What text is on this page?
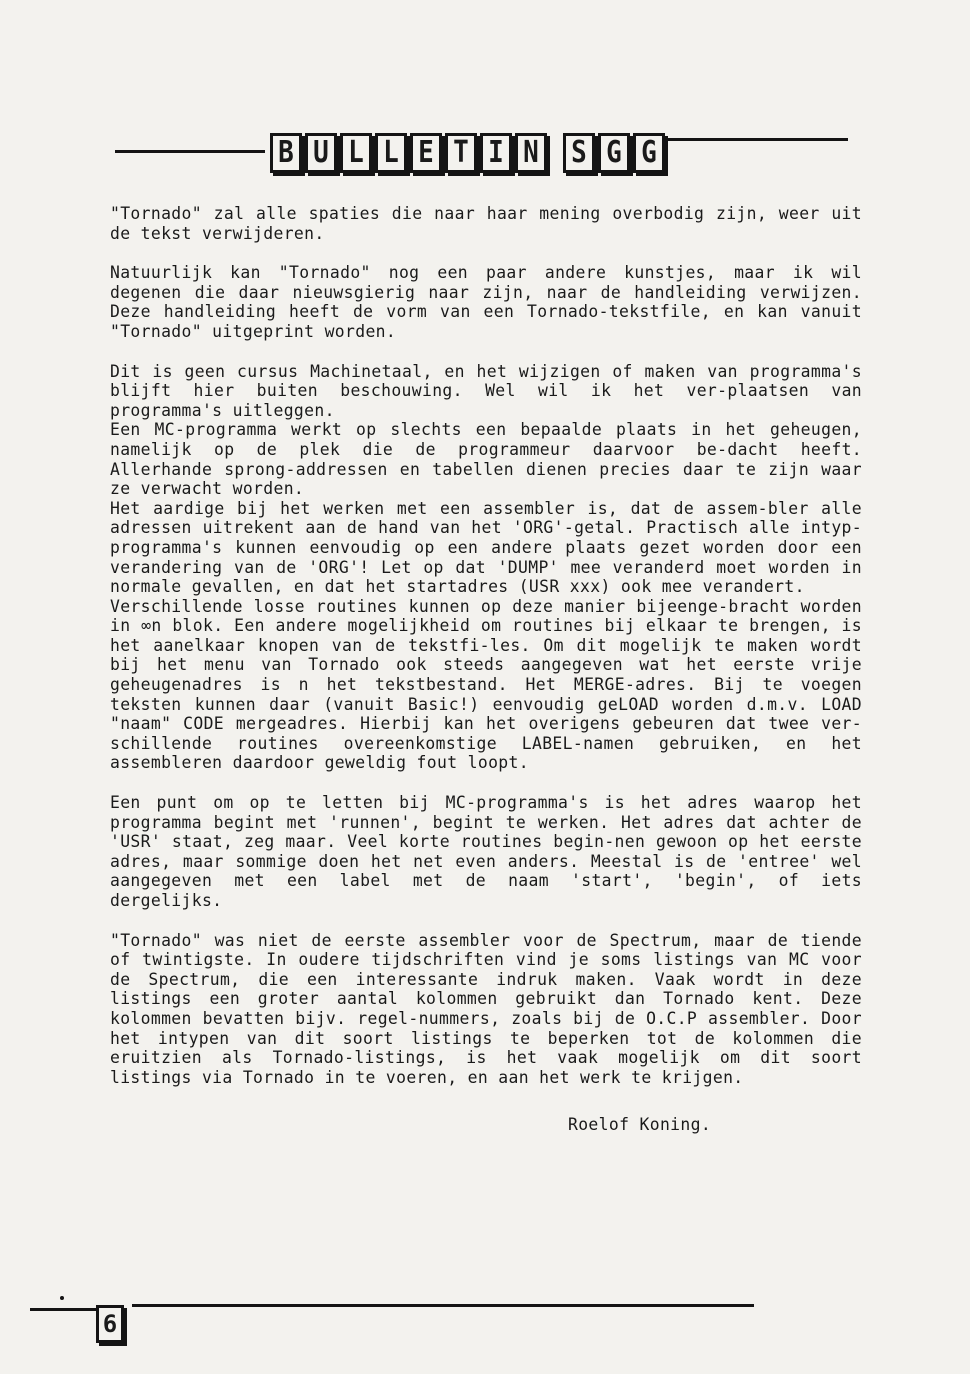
B U L L E T I N S G G

"Tornado" zal alle spaties die naar haar mening overbodig zijn, weer uit de tekst verwijderen.

Natuurlijk kan "Tornado" nog een paar andere kunstjes, maar ik wil degenen die daar nieuwsgierig naar zijn, naar de handleiding verwijzen. Deze handleiding heeft de vorm van een Tornado-tekstfile, en kan vanuit "Tornado" uitgeprint worden.

Dit is geen cursus Machinetaal, en het wijzigen of maken van programma's blijft hier buiten beschouwing. Wel wil ik het ver-plaatsen van programma's uitleggen.

Een MC-programma werkt op slechts een bepaalde plaats in het geheugen, namelijk op de plek die de programmeur daarvoor be-dacht heeft. Allerhande sprong-addressen en tabellen dienen precies daar te zijn waar ze verwacht worden.

Het aardige bij het werken met een assembler is, dat de assem-bler alle adressen uitrekent aan de hand van het 'ORG'-getal. Practisch alle intyp-programma's kunnen eenvoudig op een andere plaats gezet worden door een verandering van de 'ORG'! Let op dat 'DUMP' mee veranderd moet worden in normale gevallen, en dat het startadres (USR xxx) ook mee verandert.

Verschillende losse routines kunnen op deze manier bijeenge-bracht worden in ∞n blok. Een andere mogelijkheid om routines bij elkaar te brengen, is het aanelkaar knopen van de tekstfi-les. Om dit mogelijk te maken wordt bij het menu van Tornado ook steeds aangegeven wat het eerste vrije geheugenadres is n het tekstbestand. Het MERGE-adres. Bij te voegen teksten kunnen daar (vanuit Basic!) eenvoudig geLOAD worden d.m.v. LOAD "naam" CODE mergeadres. Hierbij kan het overigens gebeuren dat twee ver-schillende routines overeenkomstige LABEL-namen gebruiken, en het assembleren daardoor geweldig fout loopt.

Een punt om op te letten bij MC-programma's is het adres waarop het programma begint met 'runnen', begint te werken. Het adres dat achter de 'USR' staat, zeg maar. Veel korte routines begin-nen gewoon op het eerste adres, maar sommige doen het net even anders. Meestal is de 'entree' wel aangegeven met een label met de naam 'start', 'begin', of iets dergelijks.

"Tornado" was niet de eerste assembler voor de Spectrum, maar de tiende of twintigste. In oudere tijdschriften vind je soms listings van MC voor de Spectrum, die een interessante indruk maken. Vaak wordt in deze listings een groter aantal kolommen gebruikt dan Tornado kent. Deze kolommen bevatten bijv. regel-nummers, zoals bij de O.C.P assembler. Door het intypen van dit soort listings te beperken tot de kolommen die eruitzien als Tornado-listings, is het vaak mogelijk om dit soort listings via Tornado in te voeren, en aan het werk te krijgen.

Roelof Koning.
6
